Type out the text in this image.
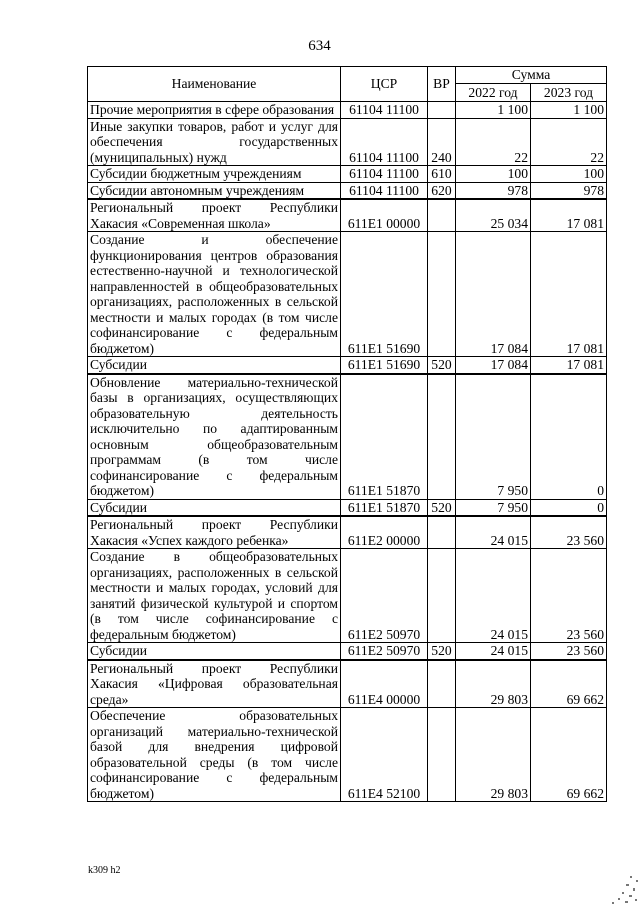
634
Наименование	ЦСР	ВР	Сумма	
			2022 год	2023 год
Прочие мероприятия в сфере образования	61104 11100		1 100	1 100
Иные закупки товаров, работ и услуг для обеспечения государственных (муниципальных) нужд	61104 11100	240	22	22
Субсидии бюджетным учреждениям	61104 11100	610	100	100
Субсидии автономным учреждениям	61104 11100	620	978	978
Региональный проект Республики Хакасия «Современная школа»	611E1 00000		25 034	17 081
Создание и обеспечение функционирования центров образования естественно-научной и технологической направленностей в общеобразовательных организациях, расположенных в сельской местности и малых городах (в том числе софинансирование с федеральным бюджетом)	611E1 51690		17 084	17 081
Субсидии	611E1 51690	520	17 084	17 081
Обновление материально-технической базы в организациях, осуществляющих образовательную деятельность исключительно по адаптированным основным общеобразовательным программам (в том числе софинансирование с федеральным бюджетом)	611E1 51870		7 950	0
Субсидии	611E1 51870	520	7 950	0
Региональный проект Республики Хакасия «Успех каждого ребенка»	611E2 00000		24 015	23 560
Создание в общеобразовательных организациях, расположенных в сельской местности и малых городах, условий для занятий физической культурой и спортом (в том числе софинансирование с федеральным бюджетом)	611E2 50970		24 015	23 560
Субсидии	611E2 50970	520	24 015	23 560
Региональный проект Республики Хакасия «Цифровая образовательная среда»	611E4 00000		29 803	69 662
Обеспечение образовательных организаций материально-технической базой для внедрения цифровой образовательной среды (в том числе софинансирование с федеральным бюджетом)	611E4 52100		29 803	69 662
k309 h2
